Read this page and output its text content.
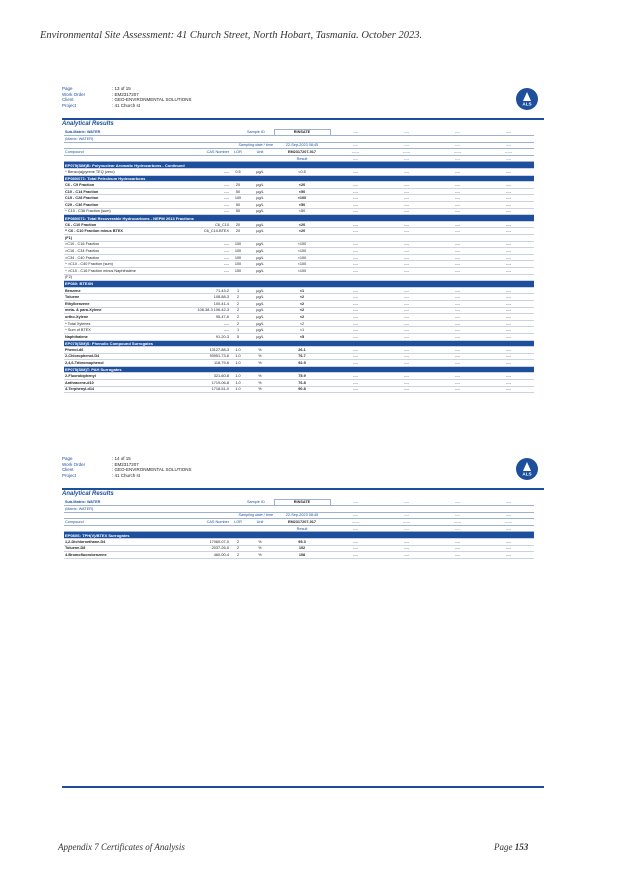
Environmental Site Assessment: 41 Church Street, North Hobart, Tasmania. October 2023.
Page	: 13 of 15
Work Order	: EM2317207
Client	: GEO-ENVIRONMENTAL SOLUTIONS
Project	: 41 Church st	ALS
Analytical Results
Sub-Matrix: WATER			Sample ID	RINSATE	----	----	----	----
(Matrix: WATER)								
		Sampling date / time		22-Sep-2023 08:45	----	----	----	----
Compound	CAS Number	LOR	Unit	EM2317207-017	------	------	------	------
				Result	----	----	----	----
EP075(SIM)B: Polynuclear Aromatic Hydrocarbons - Continued								
^ Benzo(a)pyrene TEQ (zero)	----	0.5	µg/L	<0.5	----	----	----	----
EP080/071: Total Petroleum Hydrocarbons								
C6 - C9 Fraction	----	20	µg/L	<20	----	----	----	----
C10 - C14 Fraction	----	50	µg/L	<50	----	----	----	----
C15 - C28 Fraction	----	100	µg/L	<100	----	----	----	----
C29 - C36 Fraction	----	50	µg/L	<50	----	----	----	----
^ C10 - C36 Fraction (sum)	----	50	µg/L	<50	----	----	----	----
EP080/071: Total Recoverable Hydrocarbons - NEPM 2013 Fractions								
C6 - C10 Fraction	C6_C10	20	µg/L	<20	----	----	----	----
^ C6 - C10 Fraction minus BTEX	C6_C10-BTEX	20	µg/L	<20	----	----	----	----
(F1)								
>C10 - C16 Fraction	----	100	µg/L	<100	----	----	----	----
>C16 - C34 Fraction	----	100	µg/L	<100	----	----	----	----
>C34 - C40 Fraction	----	100	µg/L	<100	----	----	----	----
^ >C10 - C40 Fraction (sum)	----	100	µg/L	<100	----	----	----	----
^ >C10 - C16 Fraction minus Naphthalene	----	100	µg/L	<100	----	----	----	----
(F2)								
EP080: BTEXN								
Benzene	71-43-2	1	µg/L	<1	----	----	----	----
Toluene	108-88-3	2	µg/L	<2	----	----	----	----
Ethylbenzene	100-41-4	2	µg/L	<2	----	----	----	----
meta- & para-Xylene	108-38-3 106-42-3	2	µg/L	<2	----	----	----	----
ortho-Xylene	95-47-6	2	µg/L	<2	----	----	----	----
^ Total Xylenes	----	2	µg/L	<2	----	----	----	----
^ Sum of BTEX	----	1	µg/L	<1	----	----	----	----
Naphthalene	91-20-3	5	µg/L	<5	----	----	----	----
EP075(SIM)S: Phenolic Compound Surrogates								
Phenol-d6	13127-88-3	1.0	%	26.1	----	----	----	----
2-Chlorophenol-D4	93951-73-6	1.0	%	76.7	----	----	----	----
2,4,6-Tribromophenol	118-79-6	1.0	%	92.9	----	----	----	----
EP075(SIM)T: PAH Surrogates								
2-Fluorobiphenyl	321-60-8	1.0	%	75.9	----	----	----	----
Anthracene-d10	1719-06-8	1.0	%	76.8	----	----	----	----
4-Terphenyl-d14	1718-51-0	1.0	%	90.8	----	----	----	----
Page	: 14 of 15
Work Order	: EM2317207
Client	: GEO-ENVIRONMENTAL SOLUTIONS
Project	: 41 Church st	ALS
Analytical Results
Sub-Matrix: WATER			Sample ID	RINSATE	----	----	----	----
(Matrix: WATER)								
		Sampling date / time		22-Sep-2023 08:45	----	----	----	----
Compound	CAS Number	LOR	Unit	EM2317207-017	------	------	------	------
				Result	----	----	----	----
EP080S: TPH(V)/BTEX Surrogates								
1,2-Dichloroethane-D4	17060-07-0	2	%	95.3	----	----	----	----
Toluene-D8	2037-26-5	2	%	102	----	----	----	----
4-Bromofluorobenzene	460-00-4	2	%	108	----	----	----	----
Appendix 7 Certificates of Analysis	Page 153
